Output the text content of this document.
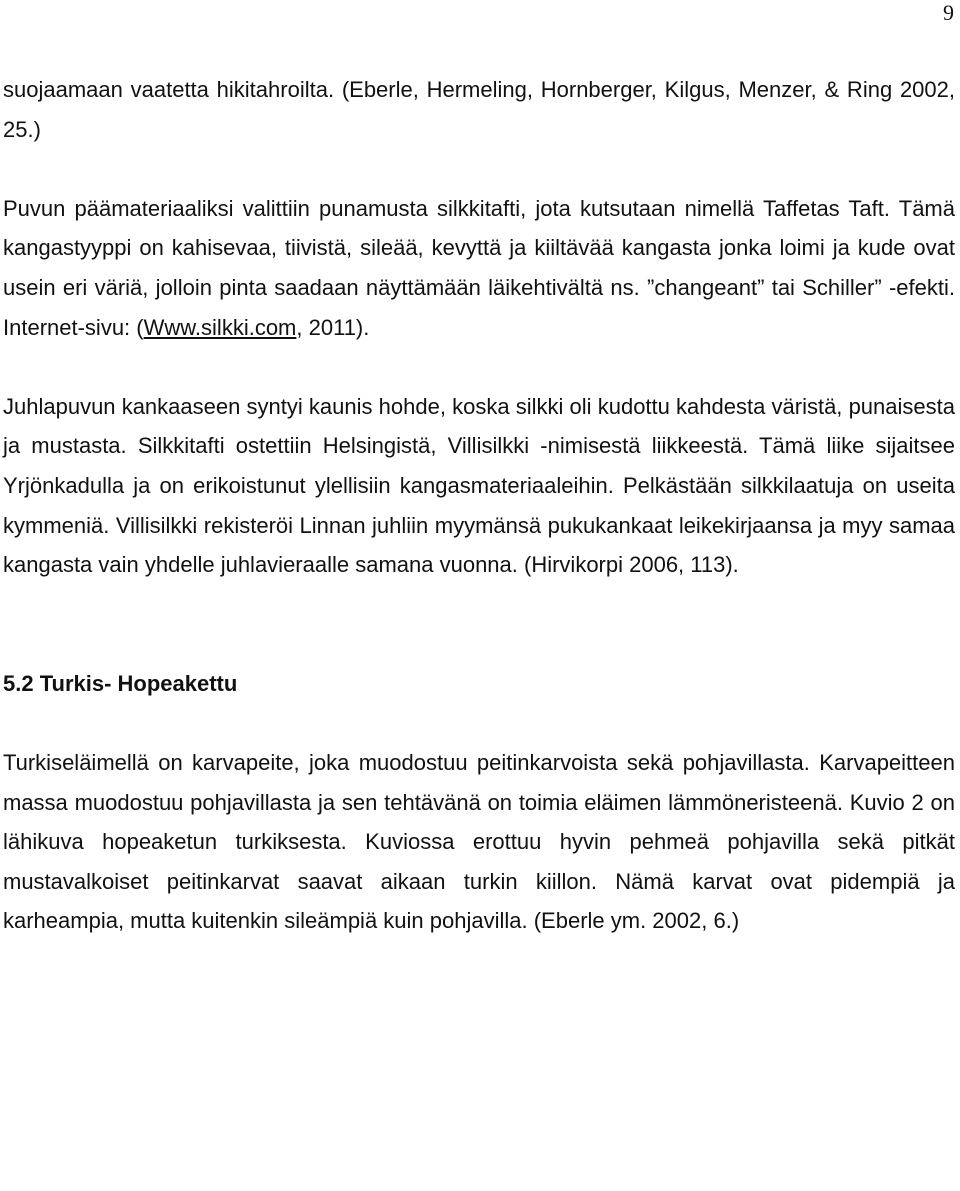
9

suojaamaan vaatetta hikitahroilta. (Eberle, Hermeling, Hornberger, Kilgus, Menzer, & Ring 2002, 25.)

Puvun päämateriaaliksi valittiin punamusta silkkitafti, jota kutsutaan nimellä Taffetas Taft. Tämä kangastyyppi on kahisevaa, tiivistä, sileää, kevyttä ja kiiltävää kangasta jonka loimi ja kude ovat usein eri väriä, jolloin pinta saadaan näyttämään läikehtivältä ns. ”changeant” tai Schiller” -efekti. Internet-sivu: (Www.silkki.com, 2011).

Juhlapuvun kankaaseen syntyi kaunis hohde, koska silkki oli kudottu kahdesta väristä, punaisesta ja mustasta. Silkkitafti ostettiin Helsingistä, Villisilkki -nimisestä liikkeestä. Tämä liike sijaitsee Yrjönkadulla ja on erikoistunut ylellisiin kangasmateriaaleihin. Pelkästään silkkilaatuja on useita kymmeniä. Villisilkki rekisteröi Linnan juhliin myymänsä pukukankaat leikekirjaansa ja myy samaa kangasta vain yhdelle juhlavieraalle samana vuonna. (Hirvikorpi 2006, 113).

5.2 Turkis- Hopeakettu

Turkiseläimellä on karvapeite, joka muodostuu peitinkarvoista sekä pohjavillasta. Karvapeitteen massa muodostuu pohjavillasta ja sen tehtävänä on toimia eläimen lämmöneristeenä. Kuvio 2 on lähikuva hopeaketun turkiksesta. Kuviossa erottuu hyvin pehmeä pohjavilla sekä pitkät mustavalkoiset peitinkarvat saavat aikaan turkin kiillon. Nämä karvat ovat pidempiä ja karheampia, mutta kuitenkin sileämpiä kuin pohjavilla. (Eberle ym. 2002, 6.)
